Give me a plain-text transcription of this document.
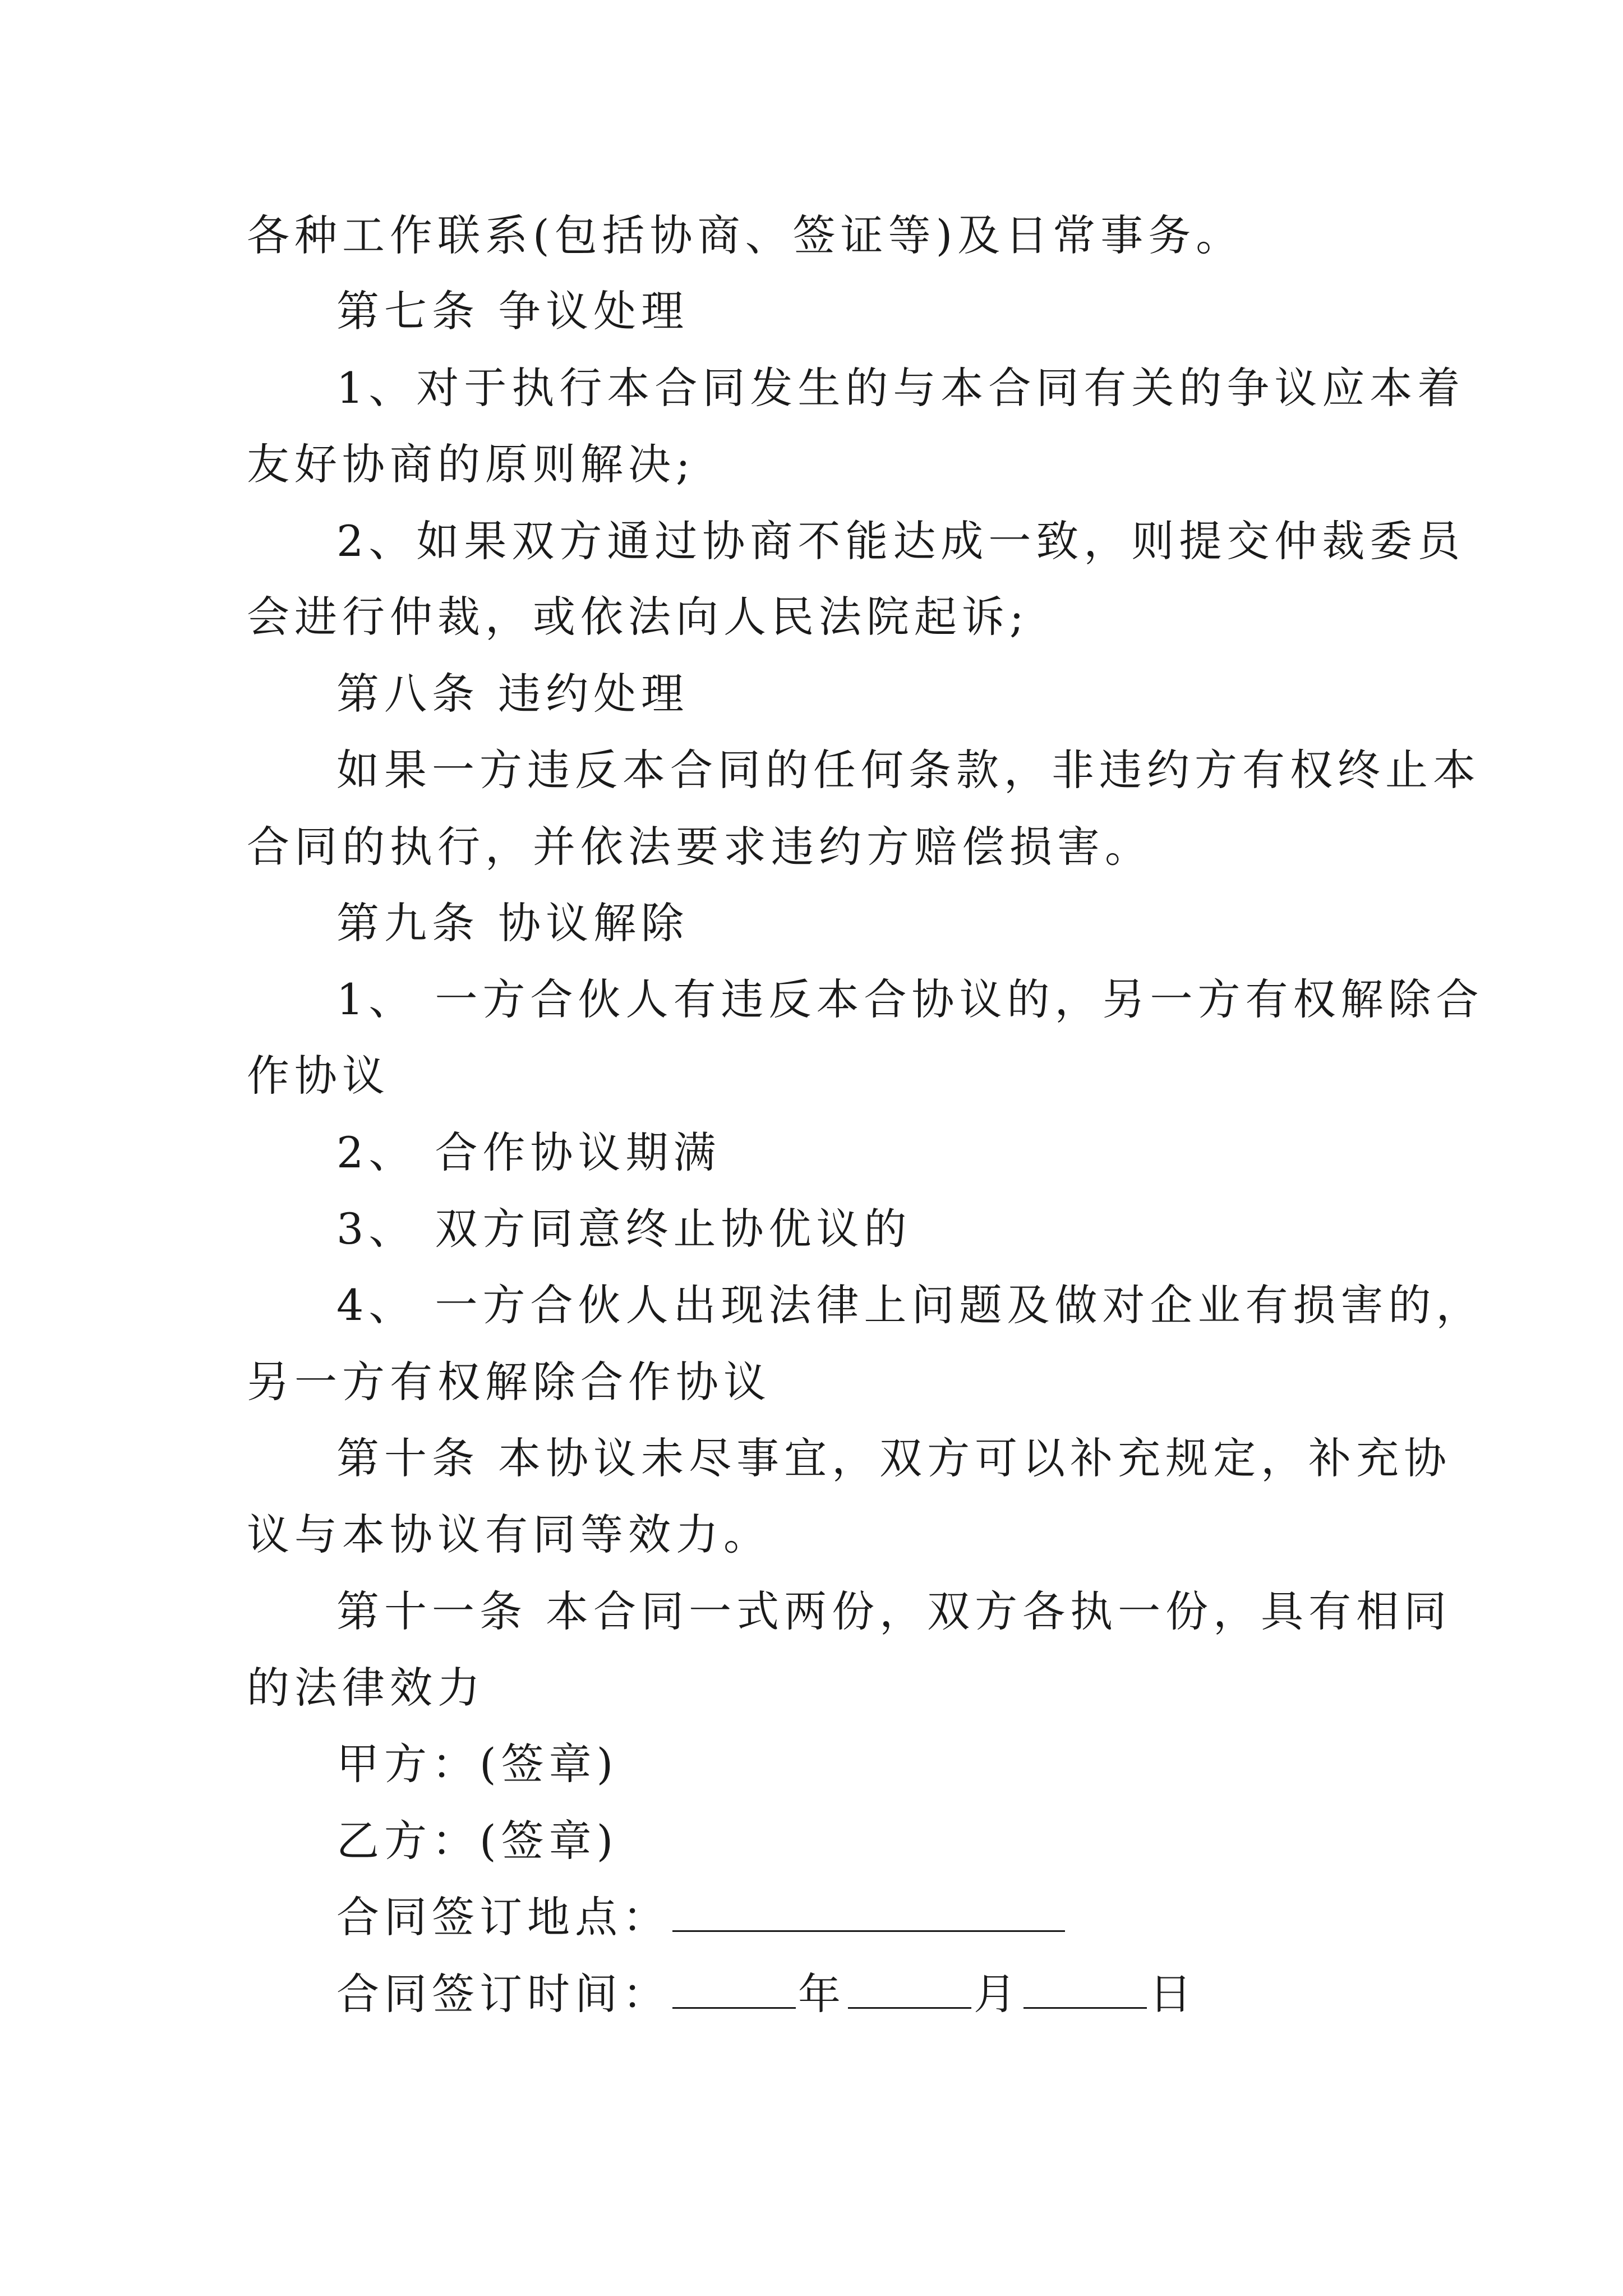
各种工作联系(包括协商、签证等)及日常事务。

第七条 争议处理

1、对于执行本合同发生的与本合同有关的争议应本着

友好协商的原则解决;

2、如果双方通过协商不能达成一致，则提交仲裁委员

会进行仲裁，或依法向人民法院起诉;

第八条 违约处理

如果一方违反本合同的任何条款，非违约方有权终止本

合同的执行，并依法要求违约方赔偿损害。

第九条 协议解除

1、 一方合伙人有违反本合协议的，另一方有权解除合

作协议

2、 合作协议期满

3、 双方同意终止协优议的

4、 一方合伙人出现法律上问题及做对企业有损害的，

另一方有权解除合作协议

第十条 本协议未尽事宜，双方可以补充规定，补充协

议与本协议有同等效力。

第十一条 本合同一式两份，双方各执一份，具有相同

的法律效力

甲方：(签章)

乙方：(签章)

合同签订地点：

合同签订时间：	年	月	日
